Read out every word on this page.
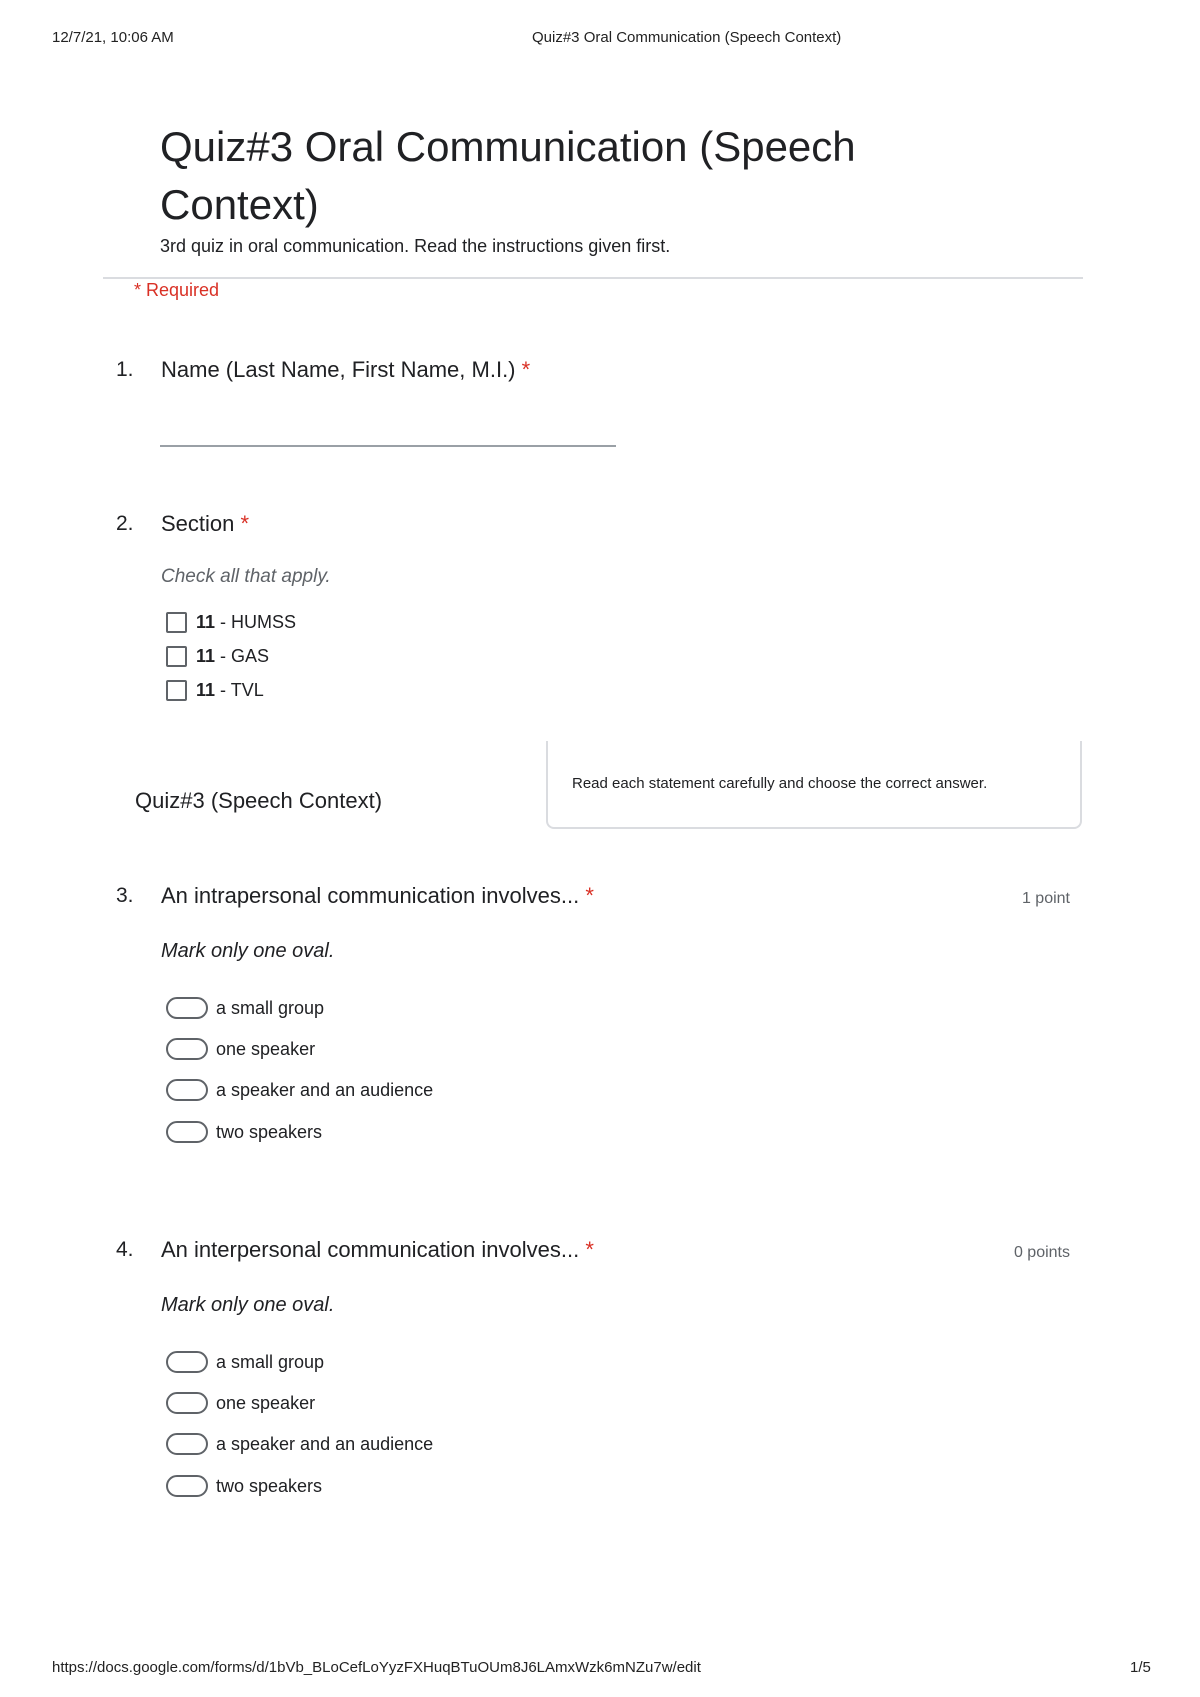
12/7/21, 10:06 AM	Quiz#3 Oral Communication (Speech Context)
Quiz#3 Oral Communication (Speech Context)
3rd quiz in oral communication. Read the instructions given first.
* Required
1. Name (Last Name, First Name, M.I.) *
2. Section *
Check all that apply.
11 - HUMSS
11 - GAS
11 - TVL
Quiz#3 (Speech Context)
Read each statement carefully and choose the correct answer.
3. An intrapersonal communication involves... *	1 point
Mark only one oval.
a small group
one speaker
a speaker and an audience
two speakers
4. An interpersonal communication involves... *	0 points
Mark only one oval.
a small group
one speaker
a speaker and an audience
two speakers
https://docs.google.com/forms/d/1bVb_BLoCefLoYyzFXHuqBTuOUm8J6LAmxWzk6mNZu7w/edit	1/5
